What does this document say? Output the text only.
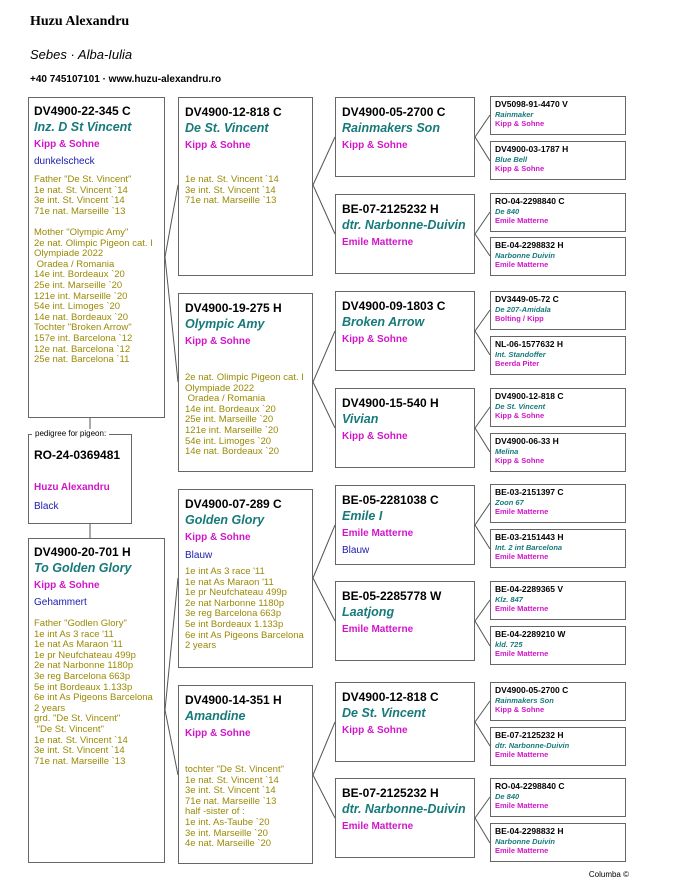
Huzu Alexandru
Sebes · Alba-Iulia
+40 745107101 · www.huzu-alexandru.ro
DV4900-22-345 C
Inz. D St Vincent
Kipp & Sohne
dunkelscheck
Father "De St. Vincent"
1e nat. St. Vincent `14
3e int. St. Vincent `14
71e nat. Marseille `13

Mother "Olympic Amy"
2e nat. Olimpic Pigeon cat. I
Olympiade 2022
Oradea / Romania
14e int. Bordeaux `20
25e int. Marseille `20
121e int. Marseille `20
54e int. Limoges `20
14e nat. Bordeaux `20
Tochter "Broken Arrow"
157e int. Barcelona `12
12e nat. Barcelona `12
25e nat. Barcelona `11
RO-24-0369481
Huzu Alexandru
Black
pedigree for pigeon:
DV4900-20-701 H
To Golden Glory
Kipp & Sohne
Gehammert
Father "Godlen Glory"
1e int As 3 race '11
1e nat As Maraon '11
1e pr Neufchateau 499p
2e nat Narbonne 1180p
3e reg Barcelona 663p
5e int Bordeaux 1.133p
6e int As Pigeons Barcelona
2 years
grd. "De St. Vincent"
"De St. Vincent"
1e nat. St. Vincent `14
3e int. St. Vincent `14
71e nat. Marseille `13
DV4900-12-818 C
De St. Vincent
Kipp & Sohne
1e nat. St. Vincent `14
3e int. St. Vincent `14
71e nat. Marseille `13
DV4900-19-275 H
Olympic Amy
Kipp & Sohne
2e nat. Olimpic Pigeon cat. I
Olympiade 2022
Oradea / Romania
14e int. Bordeaux `20
25e int. Marseille `20
121e int. Marseille `20
54e int. Limoges `20
14e nat. Bordeaux `20
DV4900-07-289 C
Golden Glory
Kipp & Sohne
Blauw
1e int As 3 race '11
1e nat As Maraon '11
1e pr Neufchateau 499p
2e nat Narbonne 1180p
3e reg Barcelona 663p
5e int Bordeaux 1.133p
6e int As Pigeons Barcelona
2 years
DV4900-14-351 H
Amandine
Kipp & Sohne
tochter "De St. Vincent"
1e nat. St. Vincent `14
3e int. St. Vincent `14
71e nat. Marseille `13
half -sister of :
1e int. As-Taube `20
3e int. Marseille `20
4e nat. Marseille `20
DV4900-05-2700 C
Rainmakers Son
Kipp & Sohne
BE-07-2125232 H
dtr. Narbonne-Duivin
Emile Matterne
DV4900-09-1803 C
Broken Arrow
Kipp & Sohne
DV4900-15-540 H
Vivian
Kipp & Sohne
BE-05-2281038 C
Emile I
Emile Matterne
Blauw
BE-05-2285778 W
Laatjong
Emile Matterne
DV4900-12-818 C
De St. Vincent
Kipp & Sohne
BE-07-2125232 H
dtr. Narbonne-Duivin
Emile Matterne
DV5098-91-4470 V
Rainmaker
Kipp & Sohne
DV4900-03-1787 H
Blue Bell
Kipp & Sohne
RO-04-2298840 C
De 840
Emile Matterne
BE-04-2298832 H
Narbonne Duivin
Emile Matterne
DV3449-05-72 C
De 207-Amidala
Bolting / Kipp
NL-06-1577632 H
Int. Standoffer
Beerda Piter
DV4900-12-818 C
De St. Vincent
Kipp & Sohne
DV4900-06-33 H
Melina
Kipp & Sohne
BE-03-2151397 C
Zoon 67
Emile Matterne
BE-03-2151443 H
Int. 2 int Barcelona
Emile Matterne
BE-04-2289365 V
Klz. 847
Emile Matterne
BE-04-2289210 W
kld. 725
Emile Matterne
DV4900-05-2700 C
Rainmakers Son
Kipp & Sohne
BE-07-2125232 H
dtr. Narbonne-Duivin
Emile Matterne
RO-04-2298840 C
De 840
Emile Matterne
BE-04-2298832 H
Narbonne Duivin
Emile Matterne
Columba ©
